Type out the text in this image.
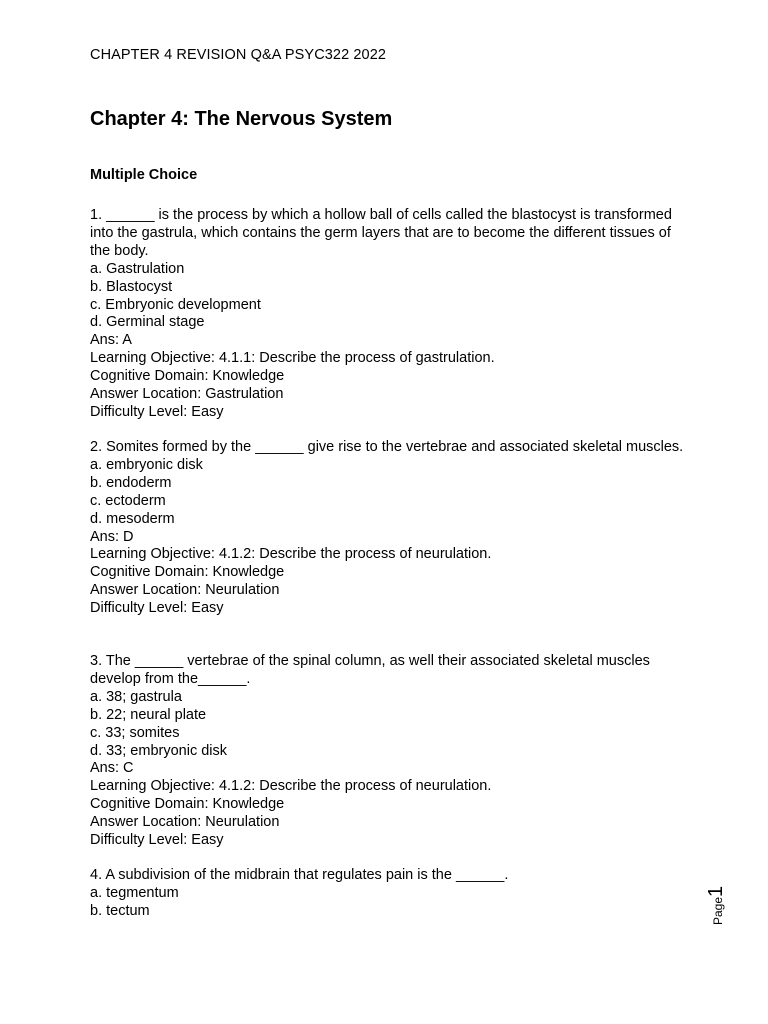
CHAPTER 4 REVISION Q&A PSYC322 2022
Chapter 4: The Nervous System
Multiple Choice
1. ______ is the process by which a hollow ball of cells called the blastocyst is transformed into the gastrula, which contains the germ layers that are to become the different tissues of the body.
a. Gastrulation
b. Blastocyst
c. Embryonic development
d. Germinal stage
Ans: A
Learning Objective: 4.1.1: Describe the process of gastrulation.
Cognitive Domain: Knowledge
Answer Location: Gastrulation
Difficulty Level: Easy
2. Somites formed by the ______ give rise to the vertebrae and associated skeletal muscles.
a. embryonic disk
b. endoderm
c. ectoderm
d. mesoderm
Ans: D
Learning Objective: 4.1.2: Describe the process of neurulation.
Cognitive Domain: Knowledge
Answer Location: Neurulation
Difficulty Level: Easy
3. The ______ vertebrae of the spinal column, as well their associated skeletal muscles develop from the______.
a. 38; gastrula
b. 22; neural plate
c. 33; somites
d. 33; embryonic disk
Ans: C
Learning Objective: 4.1.2: Describe the process of neurulation.
Cognitive Domain: Knowledge
Answer Location: Neurulation
Difficulty Level: Easy
4. A subdivision of the midbrain that regulates pain is the ______.
a. tegmentum
b. tectum	Page1
